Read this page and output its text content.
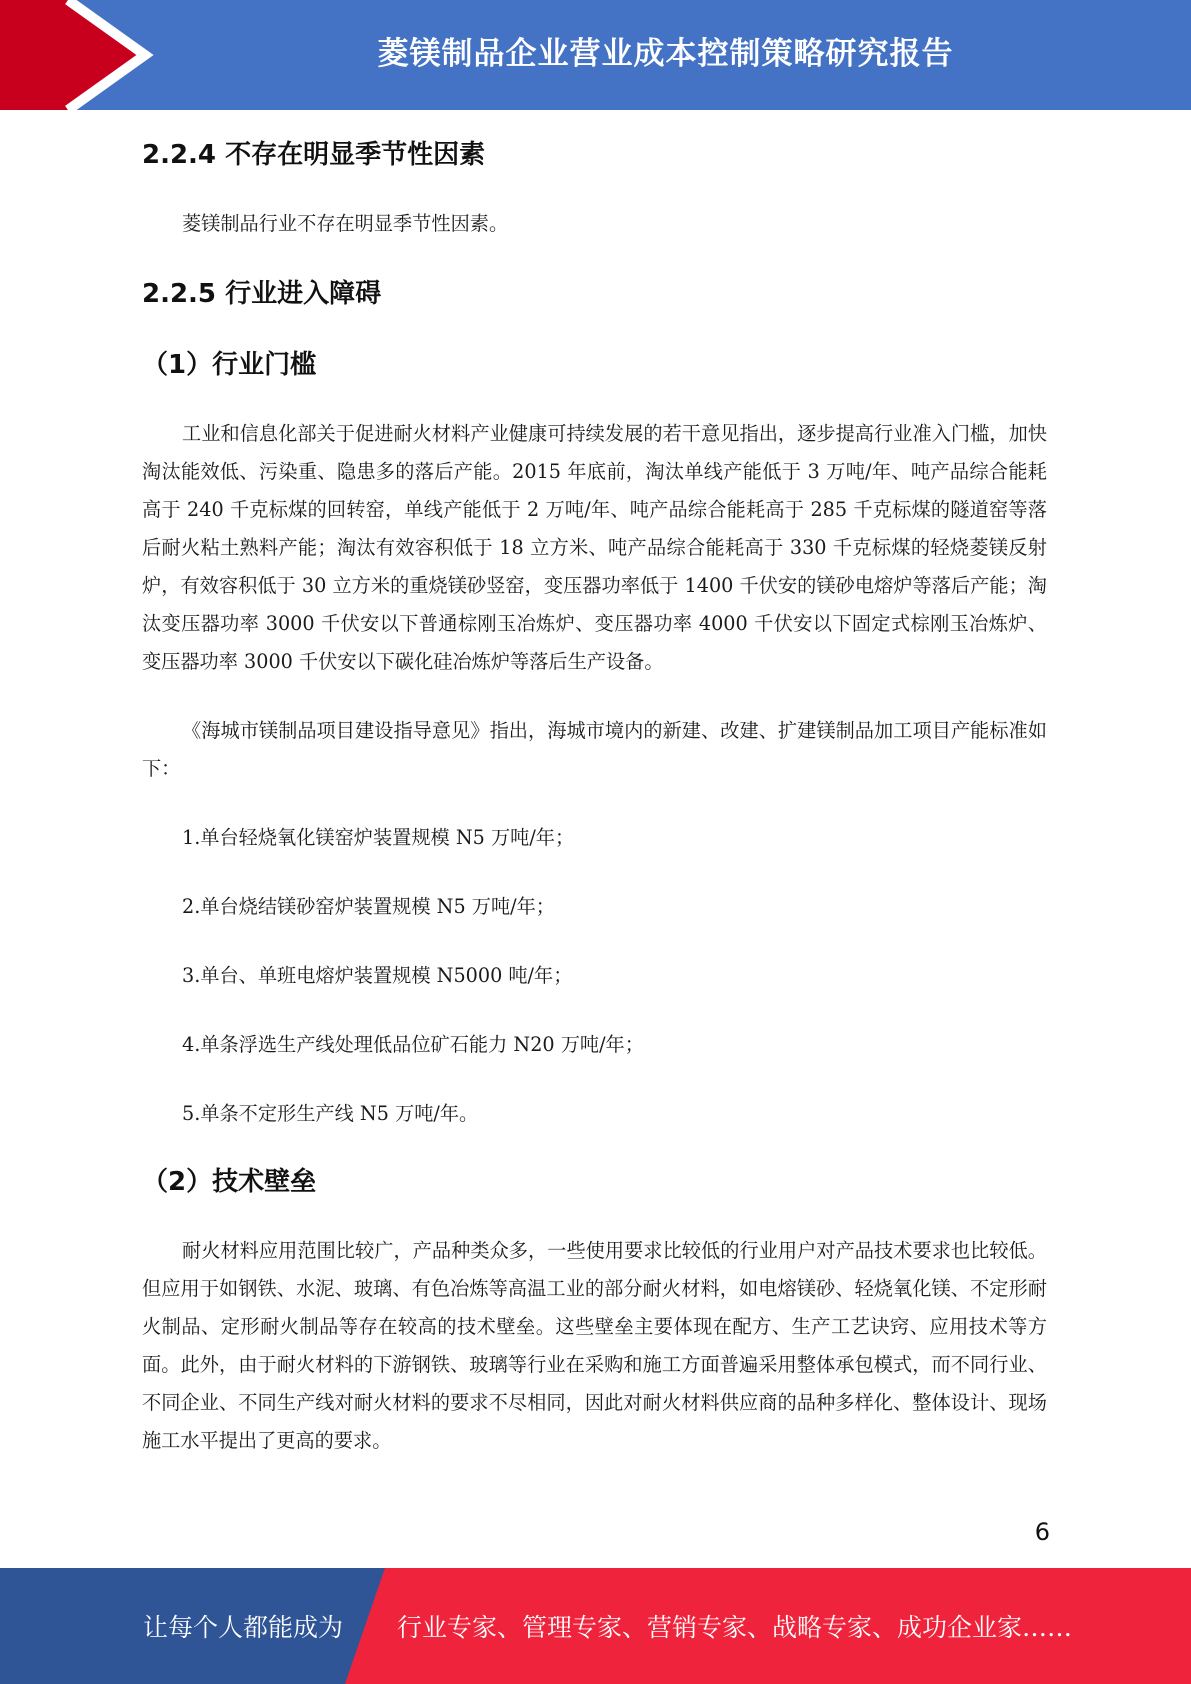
菱镁制品企业营业成本控制策略研究报告
2.2.4 不存在明显季节性因素

菱镁制品行业不存在明显季节性因素。

2.2.5 行业进入障碍
（1）行业门槛

工业和信息化部关于促进耐火材料产业健康可持续发展的若干意见指出，逐步提高行业准入门槛，加快淘汰能效低、污染重、隐患多的落后产能。2015 年底前，淘汰单线产能低于 3 万吨/年、吨产品综合能耗高于 240 千克标煤的回转窑，单线产能低于 2 万吨/年、吨产品综合能耗高于 285 千克标煤的隧道窑等落后耐火粘土熟料产能；淘汰有效容积低于 18 立方米、吨产品综合能耗高于 330 千克标煤的轻烧菱镁反射炉，有效容积低于 30 立方米的重烧镁砂竖窑，变压器功率低于 1400 千伏安的镁砂电熔炉等落后产能；淘汰变压器功率 3000 千伏安以下普通棕刚玉冶炼炉、变压器功率 4000 千伏安以下固定式棕刚玉冶炼炉、变压器功率 3000 千伏安以下碳化硅冶炼炉等落后生产设备。

《海城市镁制品项目建设指导意见》指出，海城市境内的新建、改建、扩建镁制品加工项目产能标准如下：

1.单台轻烧氧化镁窑炉装置规模 N5 万吨/年；

2.单台烧结镁砂窑炉装置规模 N5 万吨/年；

3.单台、单班电熔炉装置规模 N5000 吨/年；

4.单条浮选生产线处理低品位矿石能力 N20 万吨/年；

5.单条不定形生产线 N5 万吨/年。

（2）技术壁垒

耐火材料应用范围比较广，产品种类众多，一些使用要求比较低的行业用户对产品技术要求也比较低。但应用于如钢铁、水泥、玻璃、有色冶炼等高温工业的部分耐火材料，如电熔镁砂、轻烧氧化镁、不定形耐火制品、定形耐火制品等存在较高的技术壁垒。这些壁垒主要体现在配方、生产工艺诀窍、应用技术等方面。此外，由于耐火材料的下游钢铁、玻璃等行业在采购和施工方面普遍采用整体承包模式，而不同行业、不同企业、不同生产线对耐火材料的要求不尽相同，因此对耐火材料供应商的品种多样化、整体设计、现场施工水平提出了更高的要求。

6
让每个人都能成为 行业专家、管理专家、营销专家、战略专家、成功企业家……
